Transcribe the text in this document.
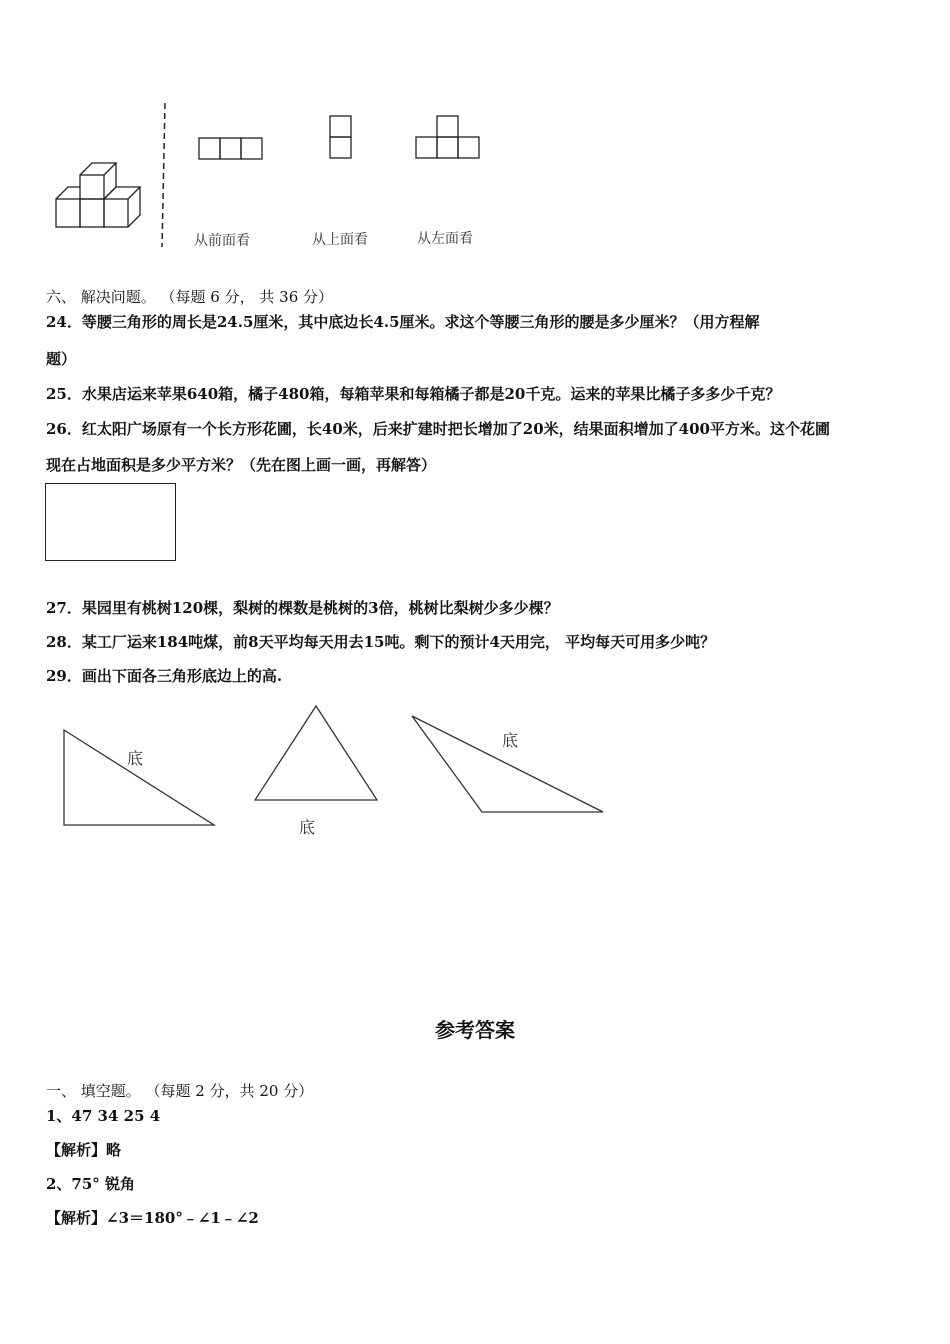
从前面看	从上面看	从左面看
六、 解决问题。 （每题 6 分， 共 36 分）
24．等腰三角形的周长是24.5厘米，其中底边长4.5厘米。求这个等腰三角形的腰是多少厘米？（用方程解
题）
25．水果店运来苹果640箱，橘子480箱，每箱苹果和每箱橘子都是20千克。运来的苹果比橘子多多少千克？
26．红太阳广场原有一个长方形花圃，长40米，后来扩建时把长增加了20米，结果面积增加了400平方米。这个花圃
现在占地面积是多少平方米？（先在图上画一画，再解答）
27．果园里有桃树120棵，梨树的棵数是桃树的3倍，桃树比梨树少多少棵？
28．某工厂运来184吨煤，前8天平均每天用去15吨。剩下的预计4天用完， 平均每天可用多少吨？
29．画出下面各三角形底边上的高.
底
底
底
参考答案
一、 填空题。 （每题 2 分，共 20 分）
1、47 34 25 4
【解析】略
2、75° 锐角
【解析】∠3＝180°﹣∠1﹣∠2
